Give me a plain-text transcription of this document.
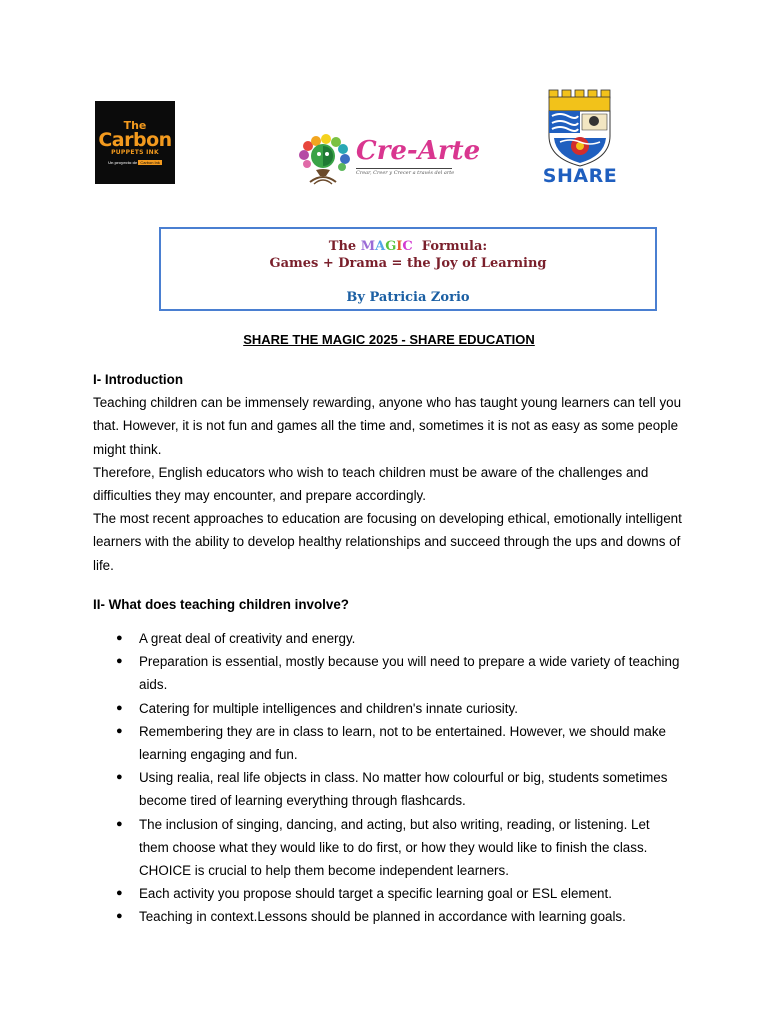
The
Carbon
PUPPETS INK
Un proyecto de Carbon Ink	Cre-Arte
Crear, Creer y Crecer a través del arte	SHARE
The MAGIC  Formula:
Games + Drama = the Joy of Learning
By Patricia Zorio
SHARE THE MAGIC 2025 - SHARE EDUCATION

I- Introduction

Teaching children can be immensely rewarding, anyone who has taught young learners can tell you that. However, it is not fun and games all the time and, sometimes it is not as easy as some people might think.

Therefore, English educators who wish to teach children must be aware of the challenges and difficulties they may encounter, and prepare accordingly.

The most recent approaches to education are focusing on developing ethical, emotionally intelligent learners with the ability to develop healthy relationships and succeed through the ups and downs of life.

II- What does teaching children involve?

● A great deal of creativity and energy.
● Preparation is essential, mostly because you will need to prepare a wide variety of teaching aids.
● Catering for multiple intelligences and children's innate curiosity.
● Remembering they are in class to learn, not to be entertained. However, we should make learning engaging and fun.
● Using realia, real life objects in class. No matter how colourful or big, students sometimes become tired of learning everything through flashcards.
● The inclusion of singing, dancing, and acting, but also writing, reading, or listening. Let them choose what they would like to do first, or how they would like to finish the class. CHOICE is crucial to help them become independent learners.
● Each activity you propose should target a specific learning goal or ESL element.
● Teaching in context.Lessons should be planned in accordance with learning goals.
